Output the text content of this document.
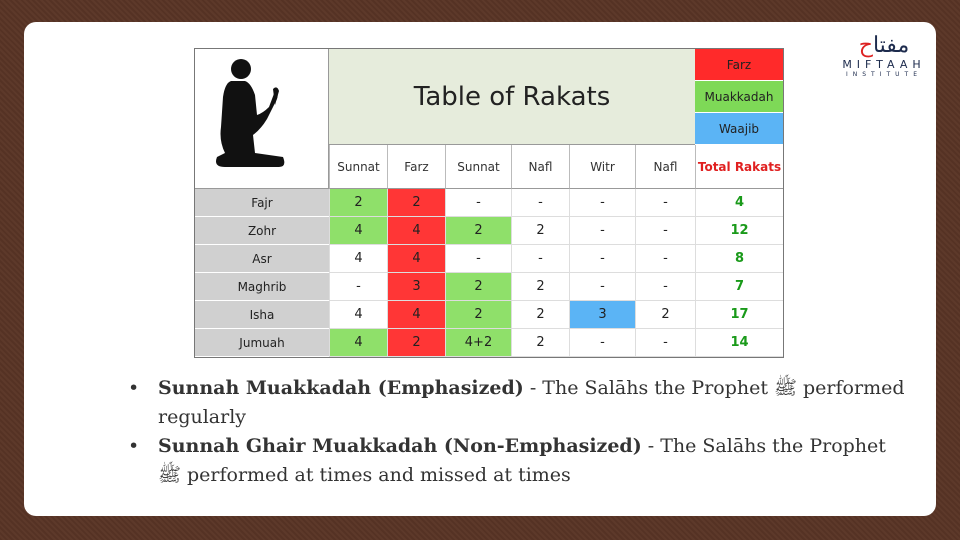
مفتاح
MIFTAAH
INSTITUTE
Table of Rakats
Farz
Muakkadah
Waajib
Sunnat	Farz	Sunnat	Nafl	Witr	Nafl	Total Rakats
Fajr	2	2	-	-	-	-	4
Zohr	4	4	2	2	-	-	12
Asr	4	4	-	-	-	-	8
Maghrib	-	3	2	2	-	-	7
Isha	4	4	2	2	3	2	17
Jumuah	4	2	4+2	2	-	-	14
• Sunnah Muakkadah (Emphasized) - The Salāhs the Prophet ﷺ performed regularly
• Sunnah Ghair Muakkadah (Non-Emphasized) - The Salāhs the Prophet ﷺ performed at times and missed at times
